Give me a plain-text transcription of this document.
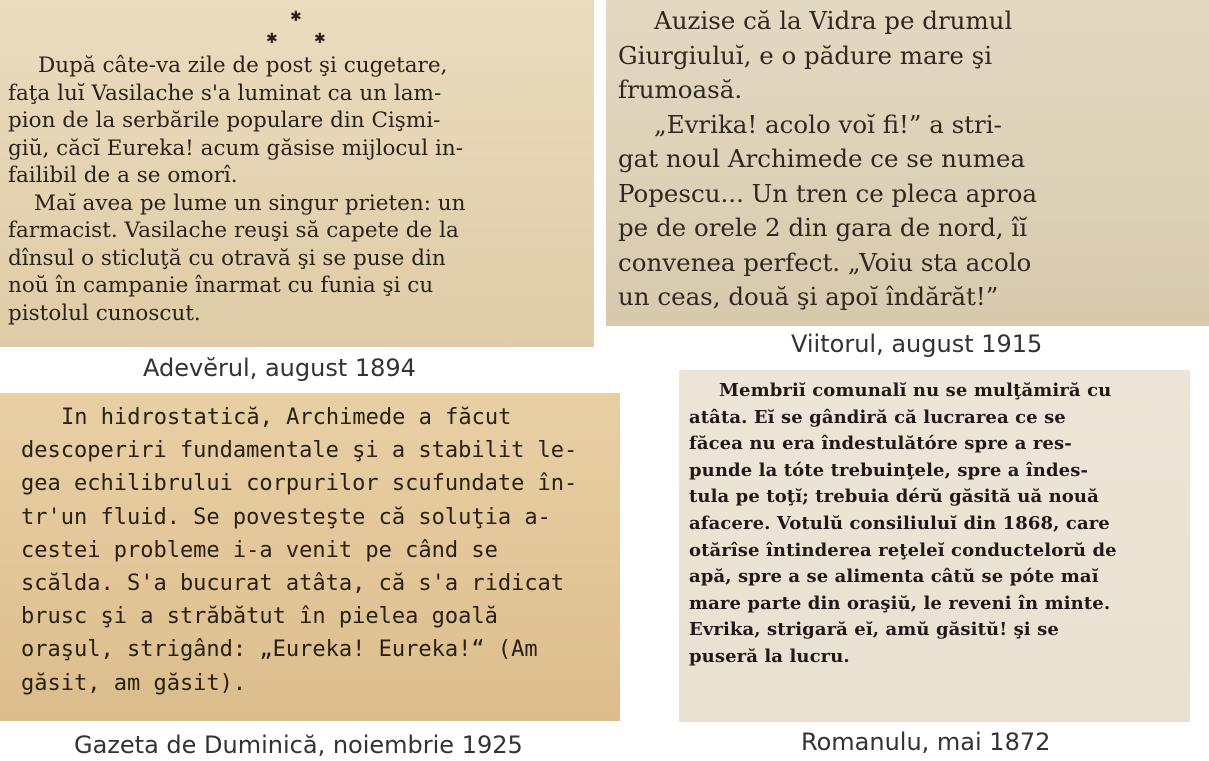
✱
✱	✱
După câte-va zile de post şi cugetare,
faţa luĭ Vasilache s'a luminat ca un lam-
pion de la serbările populare din Cişmi-
giŭ, căcĭ Eureka! acum găsise mijlocul in-
failibil de a se omorî.
Maĭ avea pe lume un singur prieten: un
farmacist. Vasilache reuşi să capete de la
dînsul o sticluţă cu otravă şi se puse din
noŭ în campanie înarmat cu funia şi cu
pistolul cunoscut.
Adevĕrul, august 1894
Auzise că la Vidra pe drumul
Giurgiuluĭ, e o pădure mare şi
frumoasă.
„Evrika! acolo voĭ fi!” a stri-
gat noul Archimede ce se numea
Popescu... Un tren ce pleca aproa
pe de orele 2 din gara de nord, îĭ
convenea perfect. „Voiu sta acolo
un ceas, două şi apoĭ îndărăt!”
Viitorul, august 1915
In hidrostatică, Archimede a făcut
descoperiri fundamentale şi a stabilit le-
gea echilibrului corpurilor scufundate în-
tr'un fluid. Se povesteşte că soluţia a-
cestei probleme i-a venit pe când se
scălda. S'a bucurat atâta, că s'a ridicat
brusc şi a străbătut în pielea goală
oraşul, strigând: „Eureka! Eureka!“ (Am
găsit, am găsit).
Gazeta de Duminică, noiembrie 1925
Membriĭ comunalĭ nu se mulţămiră cu
atâta. Eĭ se gândiră că lucrarea ce se
făcea nu era îndestulătóre spre a res-
punde la tóte trebuinţele, spre a îndes-
tula pe toţĭ; trebuia dérŭ găsită uă nouă
afacere. Votulŭ consiliuluĭ din 1868, care
otărîse întinderea reţeleĭ conductelorŭ de
apă, spre a se alimenta câtŭ se póte maĭ
mare parte din oraşiŭ, le reveni în minte.
Evrika, strigară eĭ, amŭ găsitŭ! şi se
puseră la lucru.
Romanulu, mai 1872
